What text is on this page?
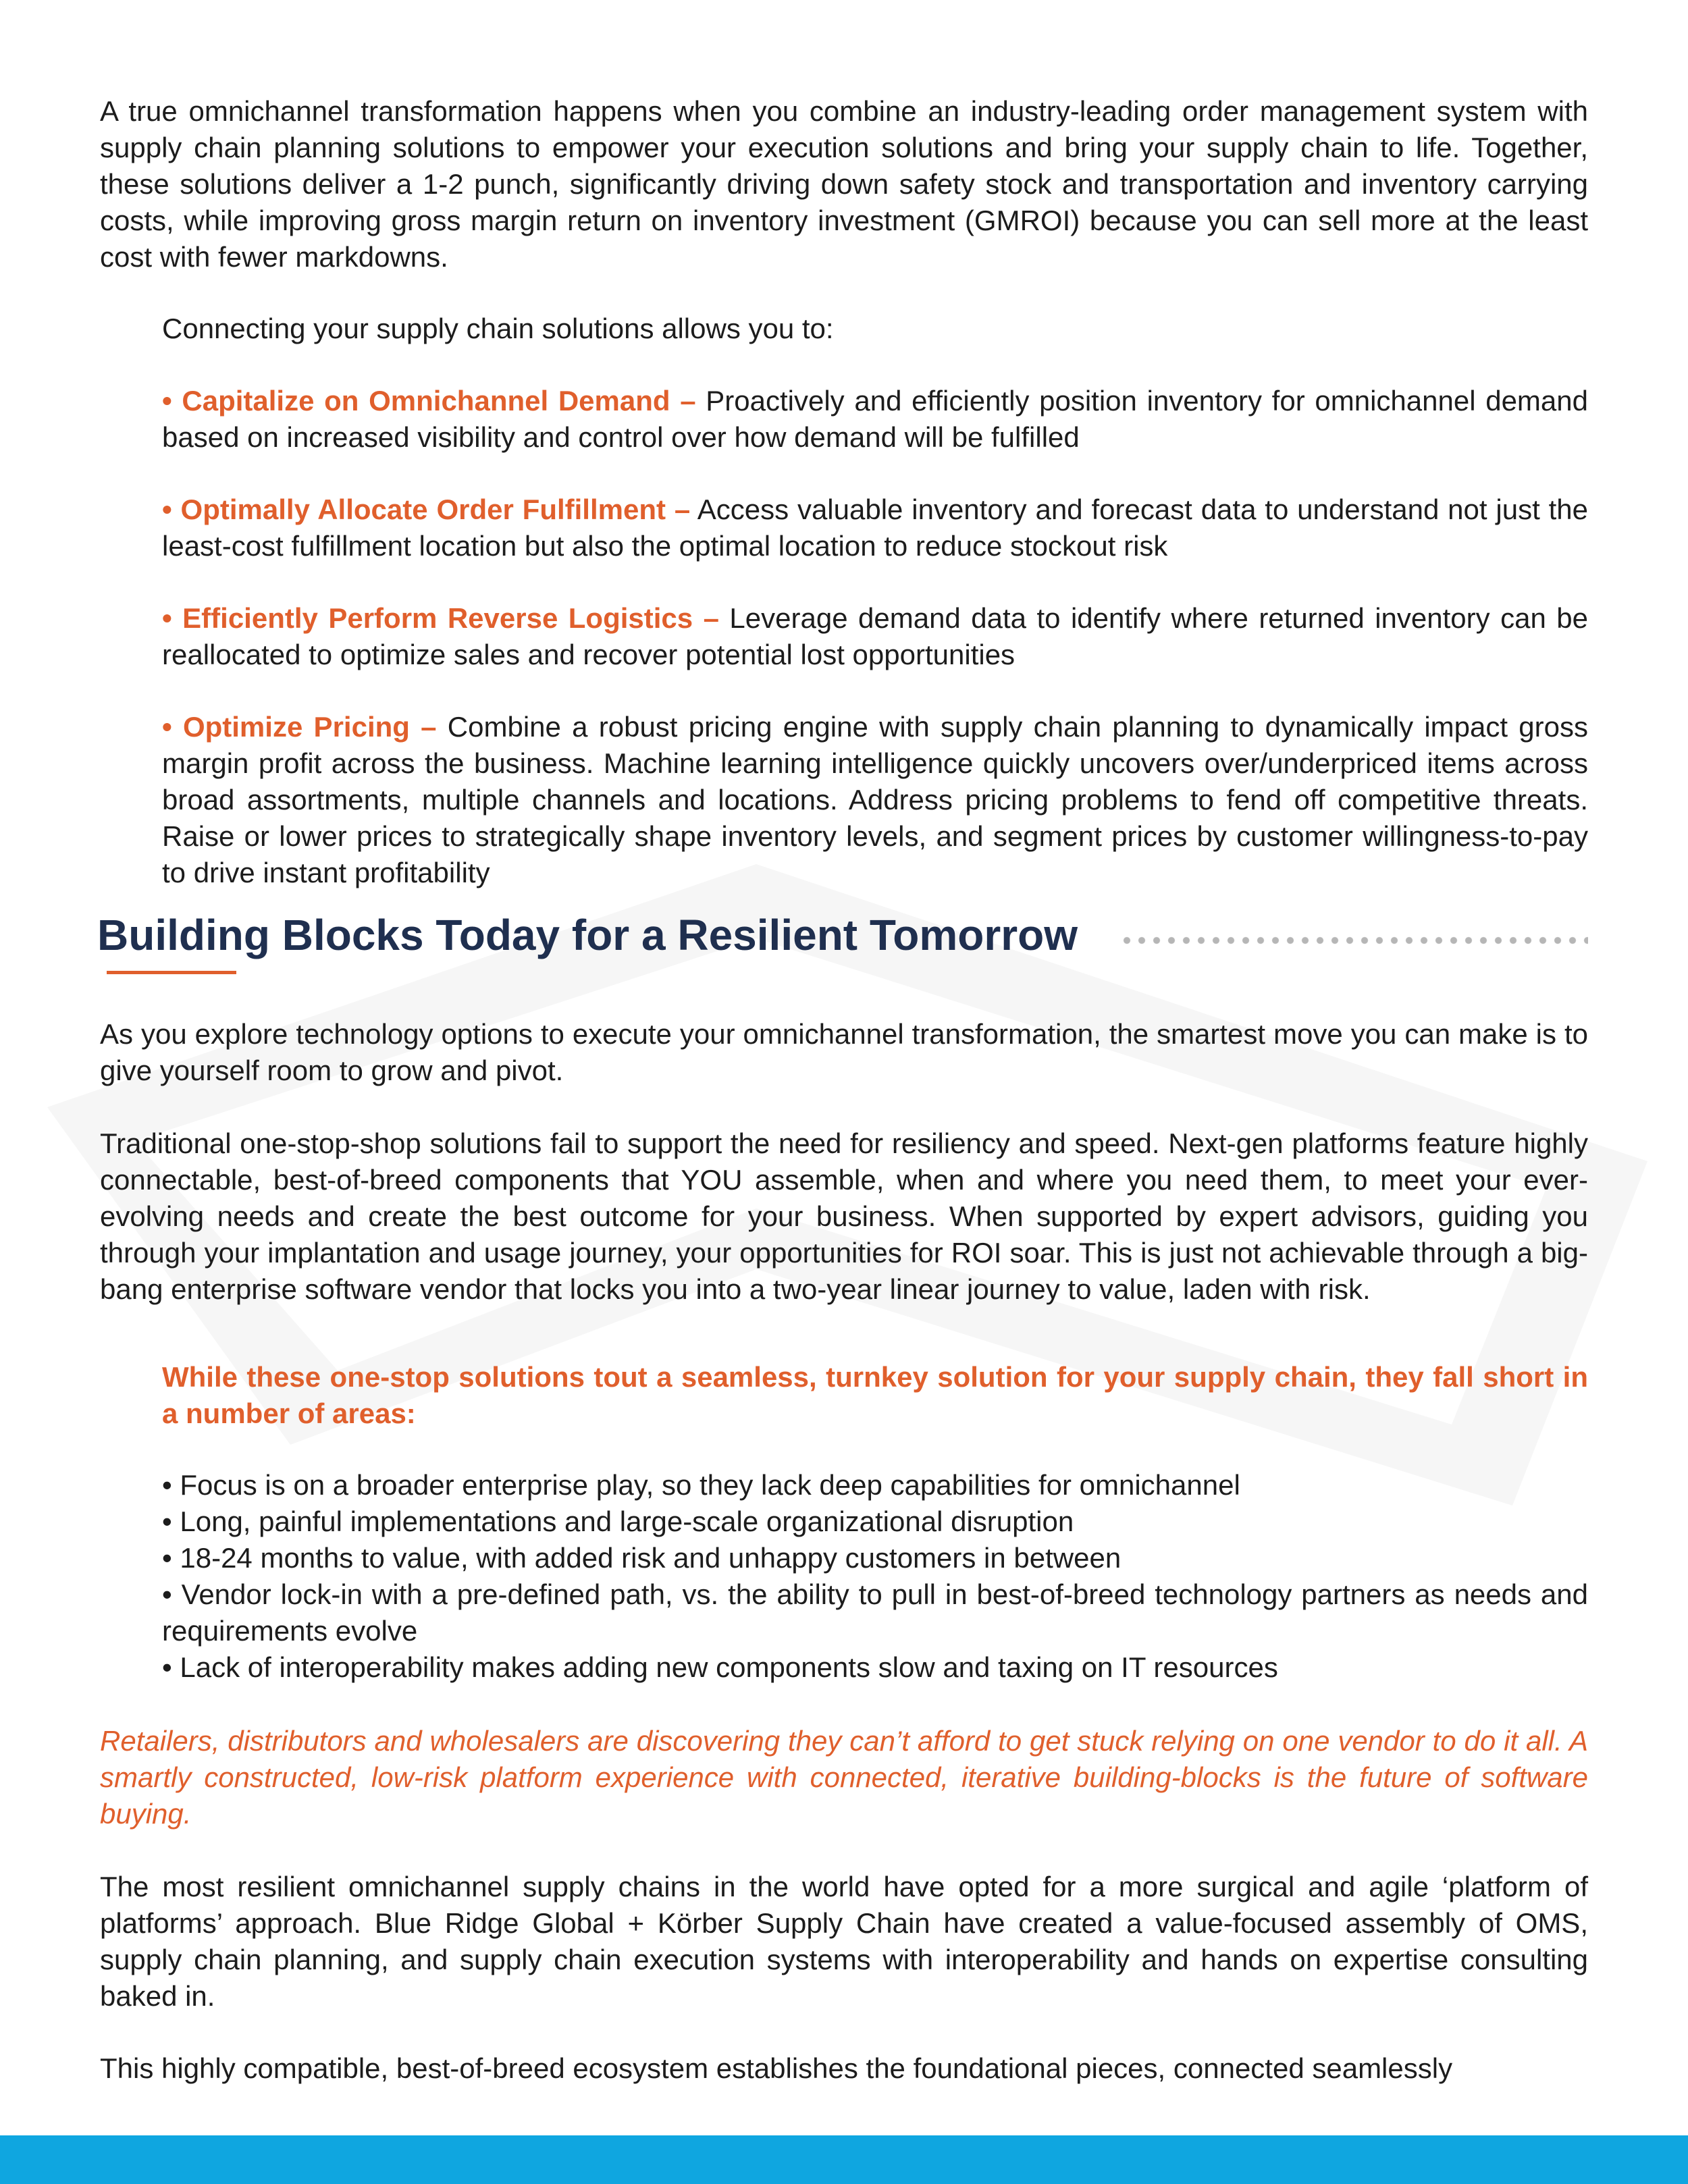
A true omnichannel transformation happens when you combine an industry-leading order management system with supply chain planning solutions to empower your execution solutions and bring your supply chain to life. Together, these solutions deliver a 1-2 punch, significantly driving down safety stock and transportation and inventory carrying costs, while improving gross margin return on inventory investment (GMROI) because you can sell more at the least cost with fewer markdowns.

Connecting your supply chain solutions allows you to:

• Capitalize on Omnichannel Demand – Proactively and efficiently position inventory for omnichannel demand based on increased visibility and control over how demand will be fulfilled

• Optimally Allocate Order Fulfillment – Access valuable inventory and forecast data to understand not just the least-cost fulfillment location but also the optimal location to reduce stockout risk

• Efficiently Perform Reverse Logistics – Leverage demand data to identify where returned inventory can be reallocated to optimize sales and recover potential lost opportunities

• Optimize Pricing – Combine a robust pricing engine with supply chain planning to dynamically impact gross margin profit across the business. Machine learning intelligence quickly uncovers over/underpriced items across broad assortments, multiple channels and locations. Address pricing problems to fend off competitive threats. Raise or lower prices to strategically shape inventory levels, and segment prices by customer willingness-to-pay to drive instant profitability

Building Blocks Today for a Resilient Tomorrow

As you explore technology options to execute your omnichannel transformation, the smartest move you can make is to give yourself room to grow and pivot.

Traditional one-stop-shop solutions fail to support the need for resiliency and speed. Next-gen platforms feature highly connectable, best-of-breed components that YOU assemble, when and where you need them, to meet your ever-evolving needs and create the best outcome for your business. When supported by expert advisors, guiding you through your implantation and usage journey, your opportunities for ROI soar. This is just not achievable through a big-bang enterprise software vendor that locks you into a two-year linear journey to value, laden with risk.

While these one-stop solutions tout a seamless, turnkey solution for your supply chain, they fall short in a number of areas:

• Focus is on a broader enterprise play, so they lack deep capabilities for omnichannel

• Long, painful implementations and large-scale organizational disruption

• 18-24 months to value, with added risk and unhappy customers in between

• Vendor lock-in with a pre-defined path, vs. the ability to pull in best-of-breed technology partners as needs and requirements evolve

• Lack of interoperability makes adding new components slow and taxing on IT resources

Retailers, distributors and wholesalers are discovering they can’t afford to get stuck relying on one vendor to do it all. A smartly constructed, low-risk platform experience with connected, iterative building-blocks is the future of software buying.

The most resilient omnichannel supply chains in the world have opted for a more surgical and agile ‘platform of platforms’ approach. Blue Ridge Global + Körber Supply Chain have created a value-focused assembly of OMS, supply chain planning, and supply chain execution systems with interoperability and hands on expertise consulting baked in.

This highly compatible, best-of-breed ecosystem establishes the foundational pieces, connected seamlessly
